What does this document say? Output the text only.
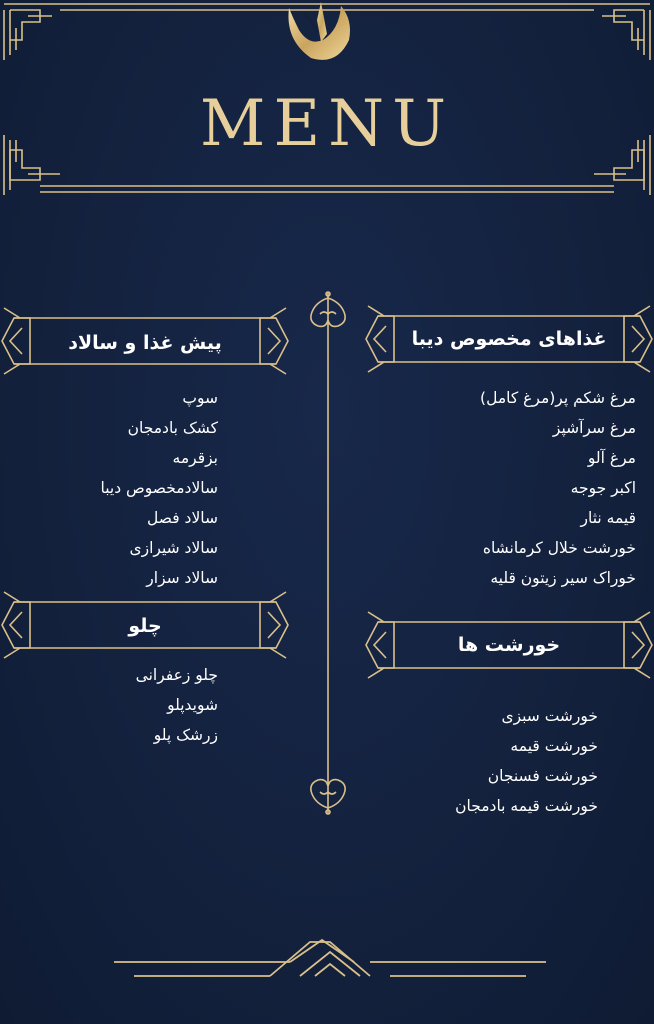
MENU
پیش غذا و سالاد
سوپ
کشک بادمجان
بزقرمه
سالادمخصوص دیبا
سالاد فصل
سالاد شیرازی
سالاد سزار
چلو
چلو زعفرانی
شویدپلو
زرشک پلو
غذاهای مخصوص دیبا
مرغ شکم پر(مرغ کامل)
مرغ سرآشپز
مرغ آلو
اکبر جوجه
قیمه نثار
خورشت خلال کرمانشاه
خوراک سیر زیتون قلیه
خورشت ها
خورشت سبزی
خورشت قیمه
خورشت فسنجان
خورشت قیمه بادمجان
